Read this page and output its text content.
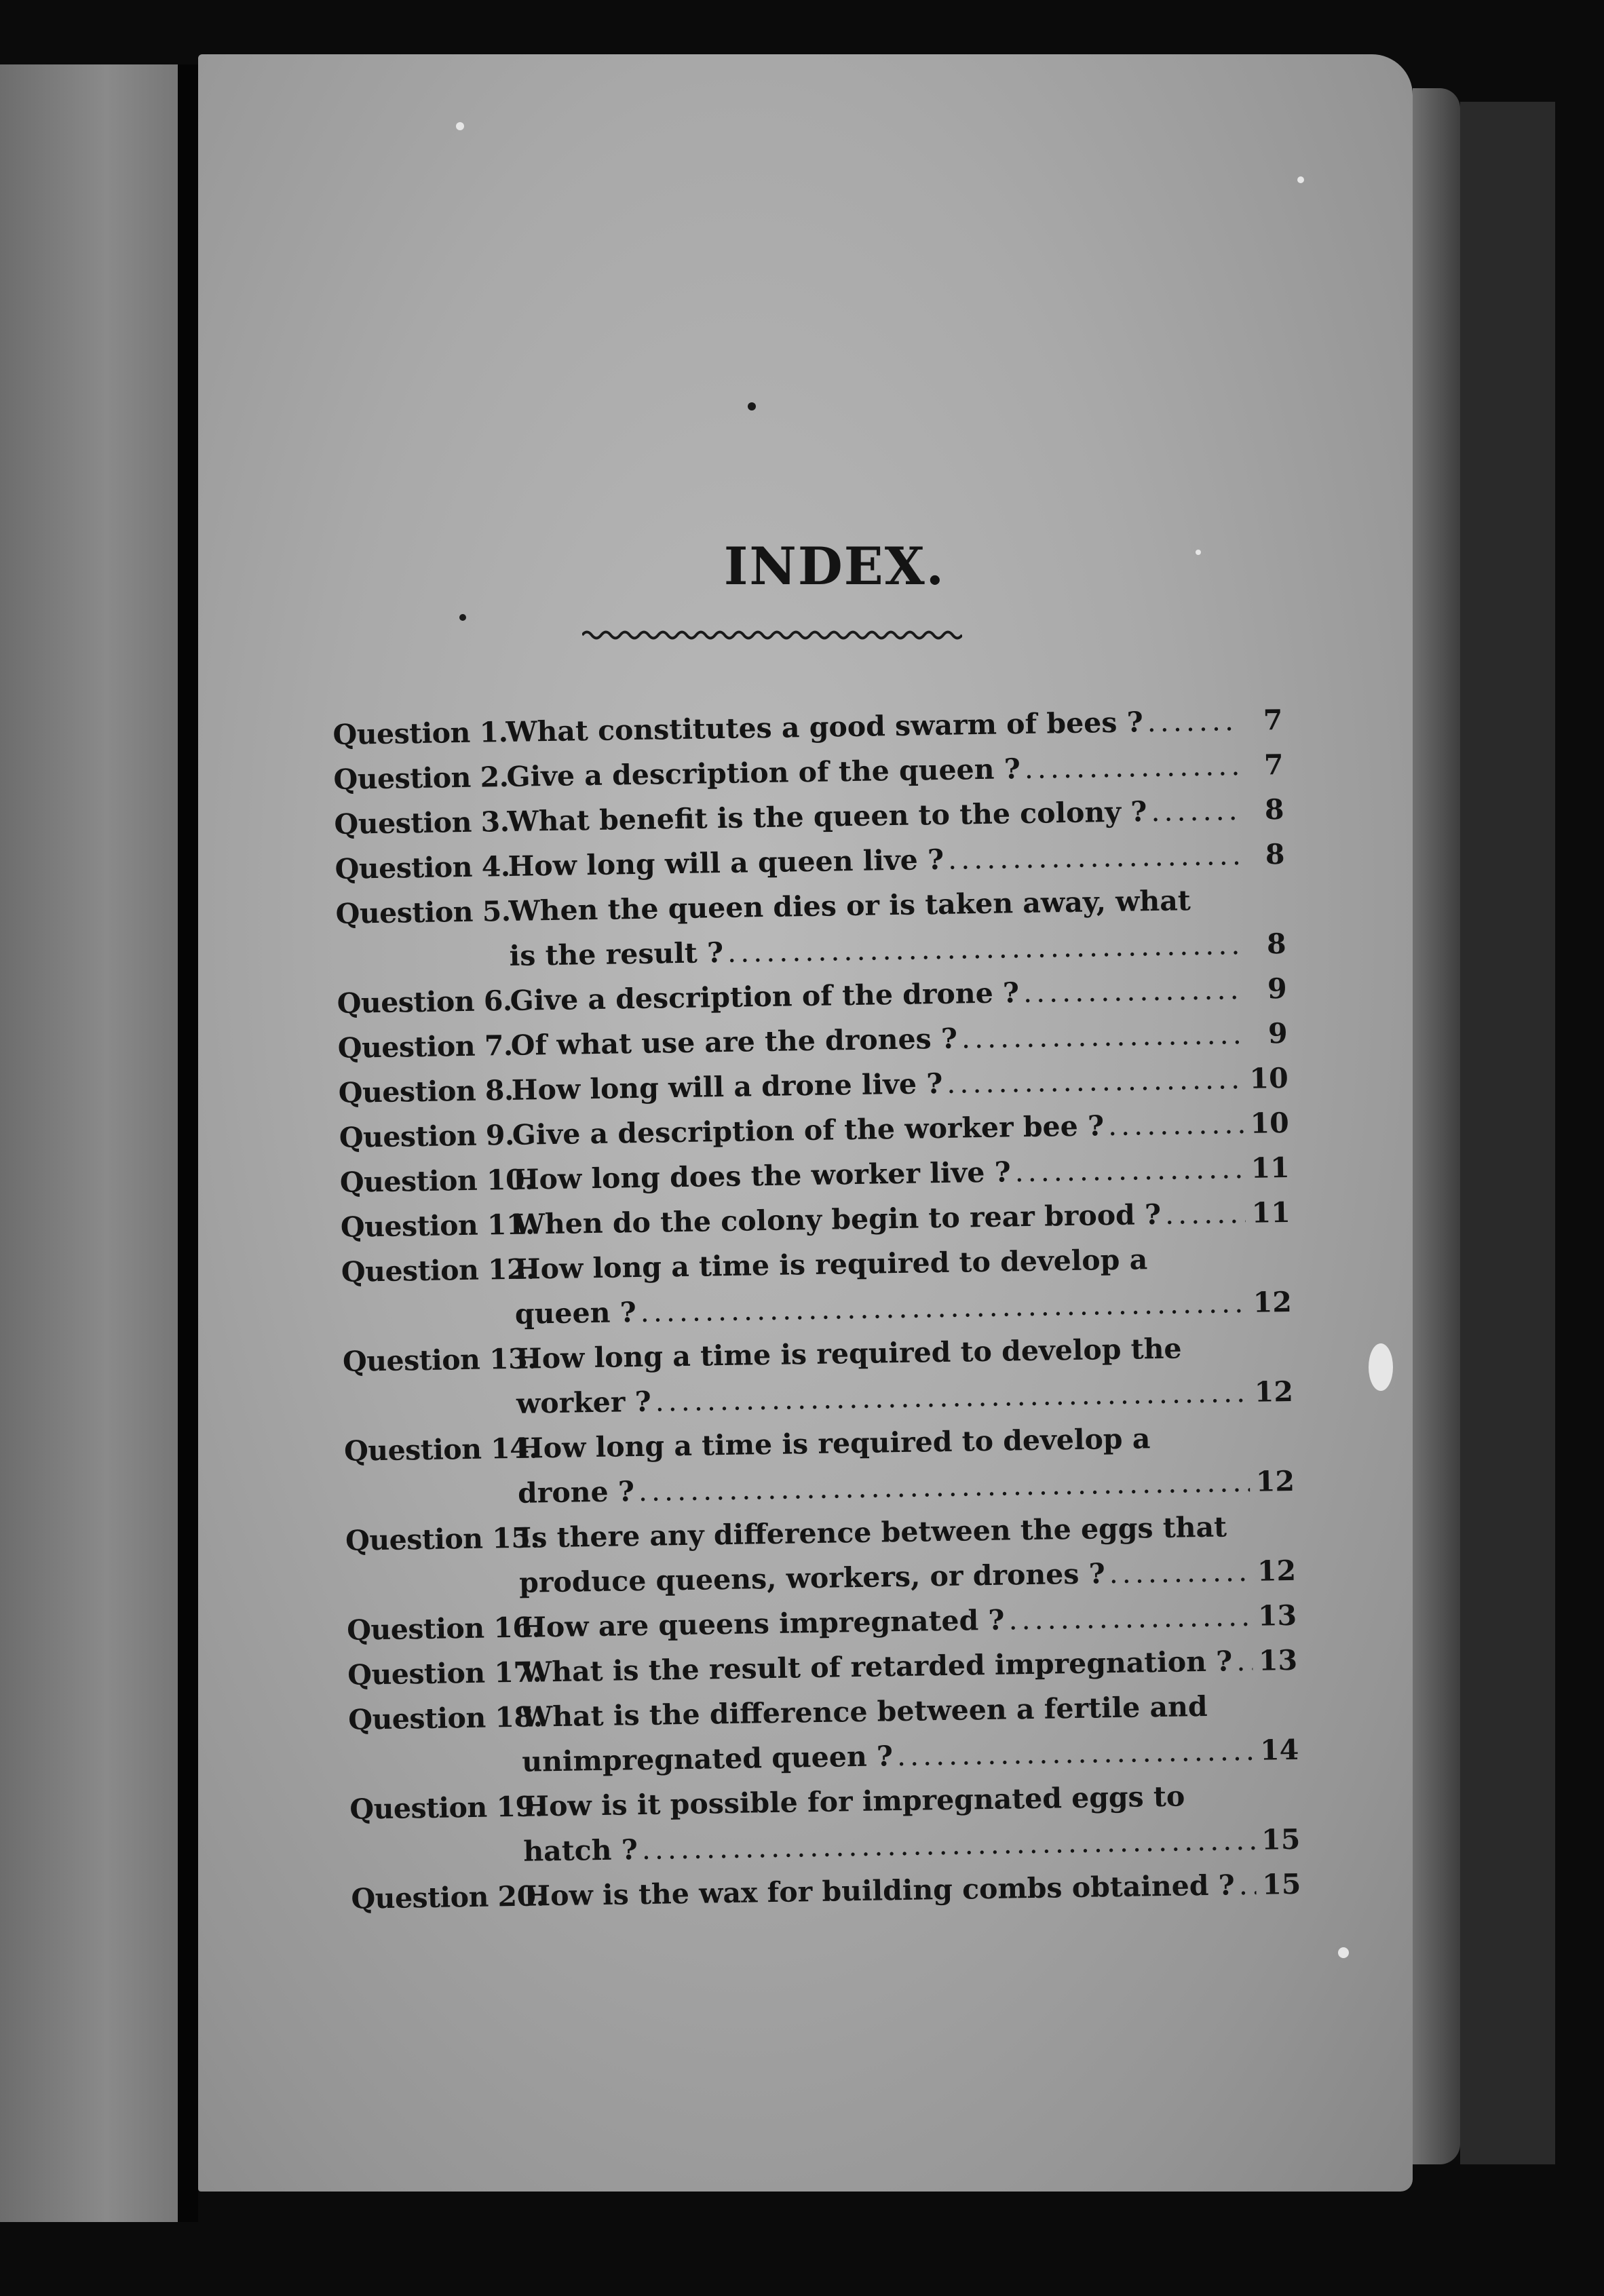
INDEX.
Question 1.
What constitutes a good swarm of bees ? .....	7
Question 2.
Give a description of the queen ? .....	7
Question 3.
What benefit is the queen to the colony ? .....	8
Question 4.
How long will a queen live ? .....	8
Question 5.
When the queen dies or is taken away, what
is the result ? .....	8
Question 6.
Give a description of the drone ? .....	9
Question 7.
Of what use are the drones ? .....	9
Question 8.
How long will a drone live ? .....	10
Question 9.
Give a description of the worker bee ? .....	10
Question 10.
How long does the worker live ? .....	11
Question 11.
When do the colony begin to rear brood ? .....	11
Question 12.
How long a time is required to develop a
queen ? .....	12
Question 13.
How long a time is required to develop the
worker ? .....	12
Question 14.
How long a time is required to develop a
drone ? .....	12
Question 15.
Is there any difference between the eggs that
produce queens, workers, or drones ? .....	12
Question 16.
How are queens impregnated ? .....	13
Question 17.
What is the result of retarded impregnation ? ..... 13
Question 18.
What is the difference between a fertile and
unimpregnated queen ? .....	14
Question 19.
How is it possible for impregnated eggs to
hatch ? .....	15
Question 20.
How is the wax for building combs obtained ? ..... 15
